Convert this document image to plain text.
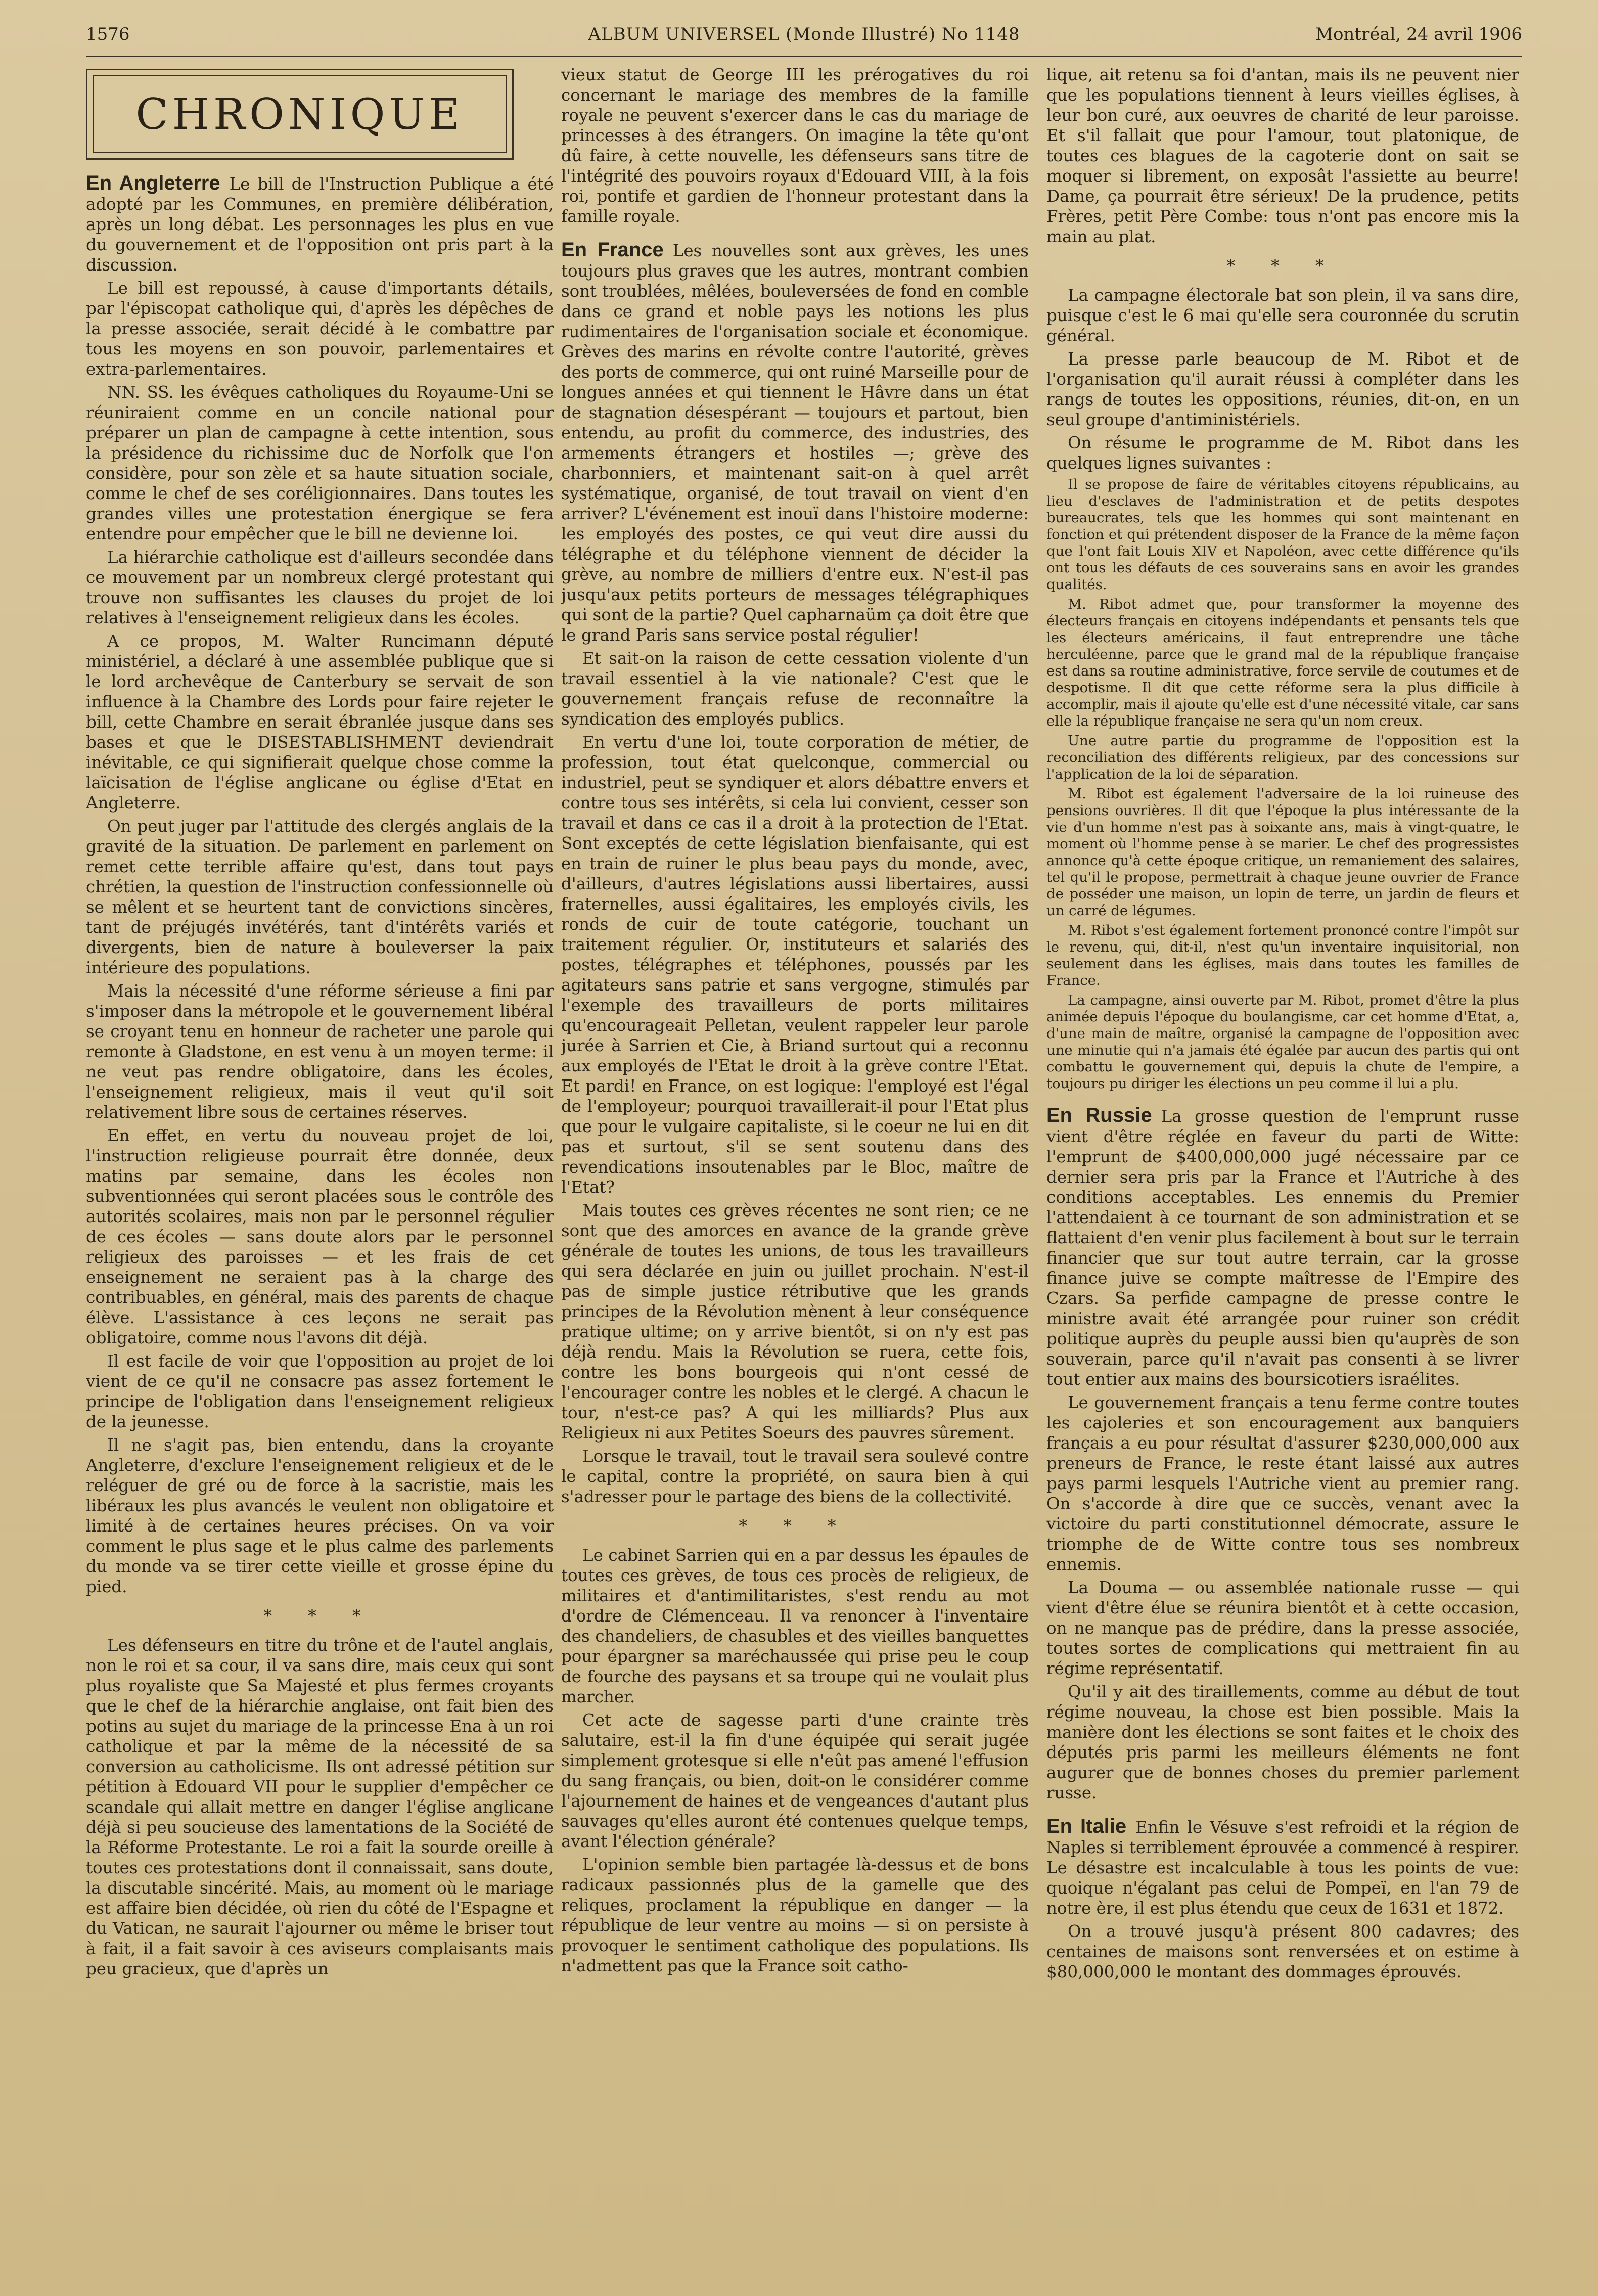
1576	ALBUM UNIVERSEL (Monde Illustré) No 1148	Montréal, 24 avril 1906
CHRONIQUE

En Angleterre Le bill de l'Instruction Publique a été adopté par les Communes, en première délibération, après un long débat. Les personnages les plus en vue du gouvernement et de l'opposition ont pris part à la discussion.

Le bill est repoussé, à cause d'importants détails, par l'épiscopat catholique qui, d'après les dépêches de la presse associée, serait décidé à le combattre par tous les moyens en son pouvoir, parlementaires et extra-parlementaires.

NN. SS. les évêques catholiques du Royaume-Uni se réuniraient comme en un concile national pour préparer un plan de campagne à cette intention, sous la présidence du richissime duc de Norfolk que l'on considère, pour son zèle et sa haute situation sociale, comme le chef de ses coréligionnaires. Dans toutes les grandes villes une protestation énergique se fera entendre pour empêcher que le bill ne devienne loi.

La hiérarchie catholique est d'ailleurs secondée dans ce mouvement par un nombreux clergé protestant qui trouve non suffisantes les clauses du projet de loi relatives à l'enseignement religieux dans les écoles.

A ce propos, M. Walter Runcimann député ministériel, a déclaré à une assemblée publique que si le lord archevêque de Canterbury se servait de son influence à la Chambre des Lords pour faire rejeter le bill, cette Chambre en serait ébranlée jusque dans ses bases et que le DISESTABLISHMENT deviendrait inévitable, ce qui signifierait quelque chose comme la laïcisation de l'église anglicane ou église d'Etat en Angleterre.

On peut juger par l'attitude des clergés anglais de la gravité de la situation. De parlement en parlement on remet cette terrible affaire qu'est, dans tout pays chrétien, la question de l'instruction confessionnelle où se mêlent et se heurtent tant de convictions sincères, tant de préjugés invétérés, tant d'intérêts variés et divergents, bien de nature à bouleverser la paix intérieure des populations.

Mais la nécessité d'une réforme sérieuse a fini par s'imposer dans la métropole et le gouvernement libéral se croyant tenu en honneur de racheter une parole qui remonte à Gladstone, en est venu à un moyen terme: il ne veut pas rendre obligatoire, dans les écoles, l'enseignement religieux, mais il veut qu'il soit relativement libre sous de certaines réserves.

En effet, en vertu du nouveau projet de loi, l'instruction religieuse pourrait être donnée, deux matins par semaine, dans les écoles non subventionnées qui seront placées sous le contrôle des autorités scolaires, mais non par le personnel régulier de ces écoles — sans doute alors par le personnel religieux des paroisses — et les frais de cet enseignement ne seraient pas à la charge des contribuables, en général, mais des parents de chaque élève. L'assistance à ces leçons ne serait pas obligatoire, comme nous l'avons dit déjà.

Il est facile de voir que l'opposition au projet de loi vient de ce qu'il ne consacre pas assez fortement le principe de l'obligation dans l'enseignement religieux de la jeunesse.

Il ne s'agit pas, bien entendu, dans la croyante Angleterre, d'exclure l'enseignement religieux et de le reléguer de gré ou de force à la sacristie, mais les libéraux les plus avancés le veulent non obligatoire et limité à de certaines heures précises. On va voir comment le plus sage et le plus calme des parlements du monde va se tirer cette vieille et grosse épine du pied.

* * *

Les défenseurs en titre du trône et de l'autel anglais, non le roi et sa cour, il va sans dire, mais ceux qui sont plus royaliste que Sa Majesté et plus fermes croyants que le chef de la hiérarchie anglaise, ont fait bien des potins au sujet du mariage de la princesse Ena à un roi catholique et par la même de la nécessité de sa conversion au catholicisme. Ils ont adressé pétition sur pétition à Edouard VII pour le supplier d'empêcher ce scandale qui allait mettre en danger l'église anglicane déjà si peu soucieuse des lamentations de la Société de la Réforme Protestante. Le roi a fait la sourde oreille à toutes ces protestations dont il connaissait, sans doute, la discutable sincérité. Mais, au moment où le mariage est affaire bien décidée, où rien du côté de l'Espagne et du Vatican, ne saurait l'ajourner ou même le briser tout à fait, il a fait savoir à ces aviseurs complaisants mais peu gracieux, que d'après un

vieux statut de George III les prérogatives du roi concernant le mariage des membres de la famille royale ne peuvent s'exercer dans le cas du mariage de princesses à des étrangers. On imagine la tête qu'ont dû faire, à cette nouvelle, les défenseurs sans titre de l'intégrité des pouvoirs royaux d'Edouard VIII, à la fois roi, pontife et gardien de l'honneur protestant dans la famille royale.

En France Les nouvelles sont aux grèves, les unes toujours plus graves que les autres, montrant combien sont troublées, mêlées, bouleversées de fond en comble dans ce grand et noble pays les notions les plus rudimentaires de l'organisation sociale et économique. Grèves des marins en révolte contre l'autorité, grèves des ports de commerce, qui ont ruiné Marseille pour de longues années et qui tiennent le Hâvre dans un état de stagnation désespérant — toujours et partout, bien entendu, au profit du commerce, des industries, des armements étrangers et hostiles —; grève des charbonniers, et maintenant sait-on à quel arrêt systématique, organisé, de tout travail on vient d'en arriver? L'événement est inouï dans l'histoire moderne: les employés des postes, ce qui veut dire aussi du télégraphe et du téléphone viennent de décider la grève, au nombre de milliers d'entre eux. N'est-il pas jusqu'aux petits porteurs de messages télégraphiques qui sont de la partie? Quel capharnaüm ça doit être que le grand Paris sans service postal régulier!

Et sait-on la raison de cette cessation violente d'un travail essentiel à la vie nationale? C'est que le gouvernement français refuse de reconnaître la syndication des employés publics.

En vertu d'une loi, toute corporation de métier, de profession, tout état quelconque, commercial ou industriel, peut se syndiquer et alors débattre envers et contre tous ses intérêts, si cela lui convient, cesser son travail et dans ce cas il a droit à la protection de l'Etat. Sont exceptés de cette législation bienfaisante, qui est en train de ruiner le plus beau pays du monde, avec, d'ailleurs, d'autres législations aussi libertaires, aussi fraternelles, aussi égalitaires, les employés civils, les ronds de cuir de toute catégorie, touchant un traitement régulier. Or, instituteurs et salariés des postes, télégraphes et téléphones, poussés par les agitateurs sans patrie et sans vergogne, stimulés par l'exemple des travailleurs de ports militaires qu'encourageait Pelletan, veulent rappeler leur parole jurée à Sarrien et Cie, à Briand surtout qui a reconnu aux employés de l'Etat le droit à la grève contre l'Etat. Et pardi! en France, on est logique: l'employé est l'égal de l'employeur; pourquoi travaillerait-il pour l'Etat plus que pour le vulgaire capitaliste, si le coeur ne lui en dit pas et surtout, s'il se sent soutenu dans des revendications insoutenables par le Bloc, maître de l'Etat?

Mais toutes ces grèves récentes ne sont rien; ce ne sont que des amorces en avance de la grande grève générale de toutes les unions, de tous les travailleurs qui sera déclarée en juin ou juillet prochain. N'est-il pas de simple justice rétributive que les grands principes de la Révolution mènent à leur conséquence pratique ultime; on y arrive bientôt, si on n'y est pas déjà rendu. Mais la Révolution se ruera, cette fois, contre les bons bourgeois qui n'ont cessé de l'encourager contre les nobles et le clergé. A chacun le tour, n'est-ce pas? A qui les milliards? Plus aux Religieux ni aux Petites Soeurs des pauvres sûrement.

Lorsque le travail, tout le travail sera soulevé contre le capital, contre la propriété, on saura bien à qui s'adresser pour le partage des biens de la collectivité.

* * *

Le cabinet Sarrien qui en a par dessus les épaules de toutes ces grèves, de tous ces procès de religieux, de militaires et d'antimilitaristes, s'est rendu au mot d'ordre de Clémenceau. Il va renoncer à l'inventaire des chandeliers, de chasubles et des vieilles banquettes pour épargner sa maréchaussée qui prise peu le coup de fourche des paysans et sa troupe qui ne voulait plus marcher.

Cet acte de sagesse parti d'une crainte très salutaire, est-il la fin d'une équipée qui serait jugée simplement grotesque si elle n'eût pas amené l'effusion du sang français, ou bien, doit-on le considérer comme l'ajournement de haines et de vengeances d'autant plus sauvages qu'elles auront été contenues quelque temps, avant l'élection générale?

L'opinion semble bien partagée là-dessus et de bons radicaux passionnés plus de la gamelle que des reliques, proclament la république en danger — la république de leur ventre au moins — si on persiste à provoquer le sentiment catholique des populations. Ils n'admettent pas que la France soit catho-

lique, ait retenu sa foi d'antan, mais ils ne peuvent nier que les populations tiennent à leurs vieilles églises, à leur bon curé, aux oeuvres de charité de leur paroisse. Et s'il fallait que pour l'amour, tout platonique, de toutes ces blagues de la cagoterie dont on sait se moquer si librement, on exposât l'assiette au beurre! Dame, ça pourrait être sérieux! De la prudence, petits Frères, petit Père Combe: tous n'ont pas encore mis la main au plat.

* * *

La campagne électorale bat son plein, il va sans dire, puisque c'est le 6 mai qu'elle sera couronnée du scrutin général.

La presse parle beaucoup de M. Ribot et de l'organisation qu'il aurait réussi à compléter dans les rangs de toutes les oppositions, réunies, dit-on, en un seul groupe d'antiministériels.

On résume le programme de M. Ribot dans les quelques lignes suivantes :

Il se propose de faire de véritables citoyens républicains, au lieu d'esclaves de l'administration et de petits despotes bureaucrates, tels que les hommes qui sont maintenant en fonction et qui prétendent disposer de la France de la même façon que l'ont fait Louis XIV et Napoléon, avec cette différence qu'ils ont tous les défauts de ces souverains sans en avoir les grandes qualités.

M. Ribot admet que, pour transformer la moyenne des électeurs français en citoyens indépendants et pensants tels que les électeurs américains, il faut entreprendre une tâche herculéenne, parce que le grand mal de la république française est dans sa routine administrative, force servile de coutumes et de despotisme. Il dit que cette réforme sera la plus difficile à accomplir, mais il ajoute qu'elle est d'une nécessité vitale, car sans elle la république française ne sera qu'un nom creux.

Une autre partie du programme de l'opposition est la reconciliation des différents religieux, par des concessions sur l'application de la loi de séparation.

M. Ribot est également l'adversaire de la loi ruineuse des pensions ouvrières. Il dit que l'époque la plus intéressante de la vie d'un homme n'est pas à soixante ans, mais à vingt-quatre, le moment où l'homme pense à se marier. Le chef des progressistes annonce qu'à cette époque critique, un remaniement des salaires, tel qu'il le propose, permettrait à chaque jeune ouvrier de France de posséder une maison, un lopin de terre, un jardin de fleurs et un carré de légumes.

M. Ribot s'est également fortement prononcé contre l'impôt sur le revenu, qui, dit-il, n'est qu'un inventaire inquisitorial, non seulement dans les églises, mais dans toutes les familles de France.

La campagne, ainsi ouverte par M. Ribot, promet d'être la plus animée depuis l'époque du boulangisme, car cet homme d'Etat, a, d'une main de maître, organisé la campagne de l'opposition avec une minutie qui n'a jamais été égalée par aucun des partis qui ont combattu le gouvernement qui, depuis la chute de l'empire, a toujours pu diriger les élections un peu comme il lui a plu.

En Russie La grosse question de l'emprunt russe vient d'être réglée en faveur du parti de Witte: l'emprunt de $400,000,000 jugé nécessaire par ce dernier sera pris par la France et l'Autriche à des conditions acceptables. Les ennemis du Premier l'attendaient à ce tournant de son administration et se flattaient d'en venir plus facilement à bout sur le terrain financier que sur tout autre terrain, car la grosse finance juive se compte maîtresse de l'Empire des Czars. Sa perfide campagne de presse contre le ministre avait été arrangée pour ruiner son crédit politique auprès du peuple aussi bien qu'auprès de son souverain, parce qu'il n'avait pas consenti à se livrer tout entier aux mains des boursicotiers israélites.

Le gouvernement français a tenu ferme contre toutes les cajoleries et son encouragement aux banquiers français a eu pour résultat d'assurer $230,000,000 aux preneurs de France, le reste étant laissé aux autres pays parmi lesquels l'Autriche vient au premier rang. On s'accorde à dire que ce succès, venant avec la victoire du parti constitutionnel démocrate, assure le triomphe de de Witte contre tous ses nombreux ennemis.

La Douma — ou assemblée nationale russe — qui vient d'être élue se réunira bientôt et à cette occasion, on ne manque pas de prédire, dans la presse associée, toutes sortes de complications qui mettraient fin au régime représentatif.

Qu'il y ait des tiraillements, comme au début de tout régime nouveau, la chose est bien possible. Mais la manière dont les élections se sont faites et le choix des députés pris parmi les meilleurs éléments ne font augurer que de bonnes choses du premier parlement russe.

En Italie Enfin le Vésuve s'est refroidi et la région de Naples si terriblement éprouvée a commencé à respirer. Le désastre est incalculable à tous les points de vue: quoique n'égalant pas celui de Pompeï, en l'an 79 de notre ère, il est plus étendu que ceux de 1631 et 1872.

On a trouvé jusqu'à présent 800 cadavres; des centaines de maisons sont renversées et on estime à $80,000,000 le montant des dommages éprouvés.
